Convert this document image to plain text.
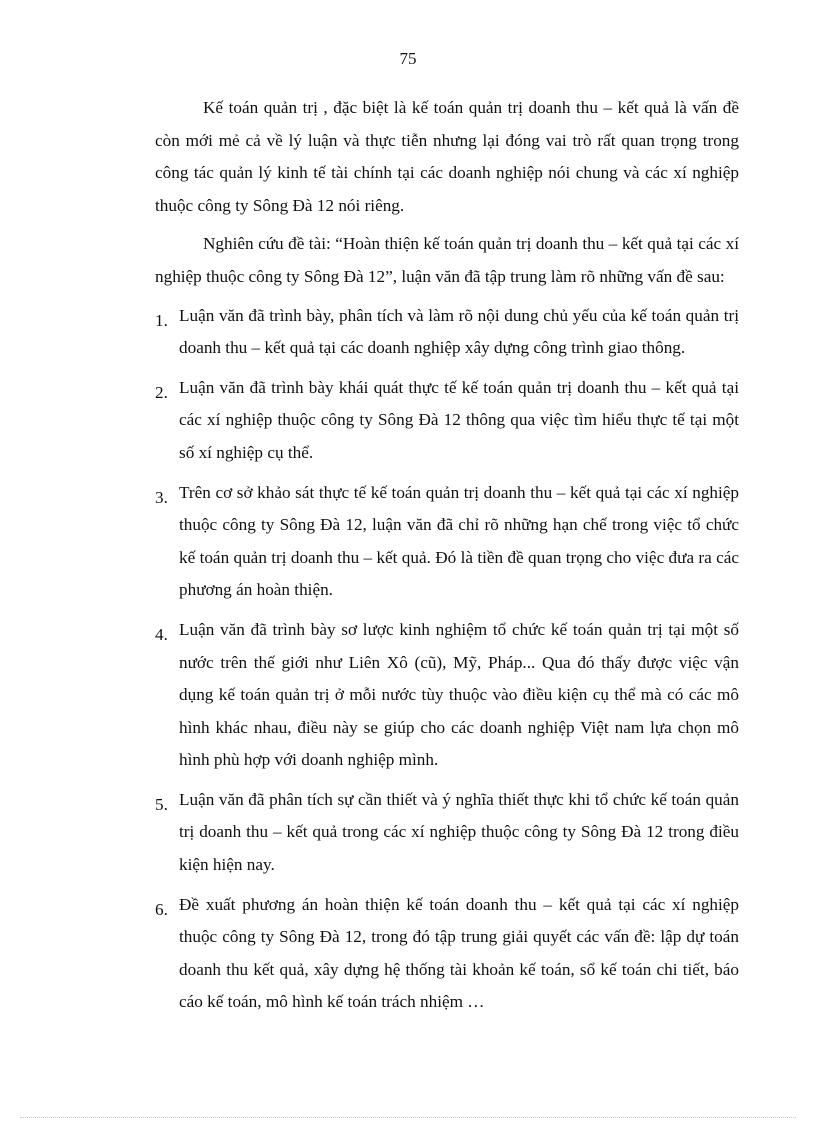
75

Kế toán quản trị , đặc biệt là kế toán quản trị doanh thu – kết quả là vấn đề còn mới mẻ cả về lý luận và thực tiễn nhưng lại đóng vai trò rất quan trọng trong công tác quản lý kinh tế tài chính tại các doanh nghiệp nói chung và các xí nghiệp thuộc công ty Sông Đà 12 nói riêng.

Nghiên cứu đề tài: “Hoàn thiện kế toán quản trị doanh thu – kết quả tại các xí nghiệp thuộc công ty Sông Đà 12”, luận văn đã tập trung làm rõ những vấn đề sau:

1. Luận văn đã trình bày, phân tích và làm rõ nội dung chủ yếu của kế toán quản trị doanh thu – kết quả tại các doanh nghiệp xây dựng công trình giao thông.
2. Luận văn đã trình bày khái quát thực tế kế toán quản trị doanh thu – kết quả tại các xí nghiệp thuộc công ty Sông Đà 12 thông qua việc tìm hiểu thực tế tại một số xí nghiệp cụ thể.
3. Trên cơ sở khảo sát thực tế kế toán quản trị doanh thu – kết quả tại các xí nghiệp thuộc công ty Sông Đà 12, luận văn đã chỉ rõ những hạn chế trong việc tổ chức kế toán quản trị doanh thu – kết quả. Đó là tiền đề quan trọng cho việc đưa ra các phương án hoàn thiện.
4. Luận văn đã trình bày sơ lược kinh nghiệm tổ chức kế toán quản trị tại một số nước trên thế giới như Liên Xô (cũ), Mỹ, Pháp... Qua đó thấy được việc vận dụng kế toán quản trị ở mỗi nước tùy thuộc vào điều kiện cụ thể mà có các mô hình khác nhau, điều này se giúp cho các doanh nghiệp Việt nam lựa chọn mô hình phù hợp với doanh nghiệp mình.
5. Luận văn đã phân tích sự cần thiết và ý nghĩa thiết thực khi tổ chức kế toán quản trị doanh thu – kết quả trong các xí nghiệp thuộc công ty Sông Đà 12 trong điều kiện hiện nay.
6. Đề xuất phương án hoàn thiện kế toán doanh thu – kết quả tại các xí nghiệp thuộc công ty Sông Đà 12, trong đó tập trung giải quyết các vấn đề: lập dự toán doanh thu kết quả, xây dựng hệ thống tài khoản kế toán, sổ kế toán chi tiết, báo cáo kế toán, mô hình kế toán trách nhiệm …
